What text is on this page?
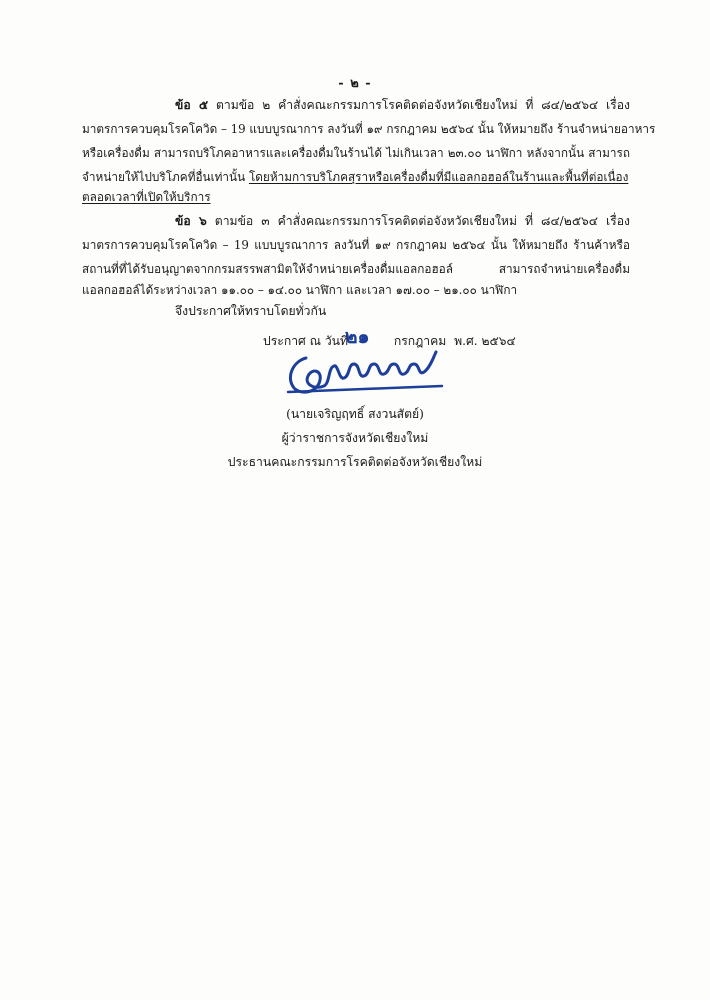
- ๒ -
ข้อ ๕ ตามข้อ ๒ คำสั่งคณะกรรมการโรคติดต่อจังหวัดเชียงใหม่ ที่ ๘๔/๒๕๖๔ เรื่อง
มาตรการควบคุมโรคโควิด – 19 แบบบูรณาการ ลงวันที่ ๑๙ กรกฎาคม ๒๕๖๔ นั้น ให้หมายถึง ร้านจำหน่ายอาหาร
หรือเครื่องดื่ม สามารถบริโภคอาหารและเครื่องดื่มในร้านได้ ไม่เกินเวลา ๒๓.๐๐ นาฬิกา หลังจากนั้น สามารถ
จำหน่ายให้ไปบริโภคที่อื่นเท่านั้น โดยห้ามการบริโภคสุราหรือเครื่องดื่มที่มีแอลกอฮอล์ในร้านและพื้นที่ต่อเนื่อง
ตลอดเวลาที่เปิดให้บริการ
ข้อ ๖ ตามข้อ ๓ คำสั่งคณะกรรมการโรคติดต่อจังหวัดเชียงใหม่ ที่ ๘๔/๒๕๖๔ เรื่อง
มาตรการควบคุมโรคโควิด – 19 แบบบูรณาการ ลงวันที่ ๑๙ กรกฎาคม ๒๕๖๔ นั้น ให้หมายถึง ร้านค้าหรือ
สถานที่ที่ได้รับอนุญาตจากกรมสรรพสามิตให้จำหน่ายเครื่องดื่มแอลกอฮอล์ สามารถจำหน่ายเครื่องดื่ม
แอลกอฮอล์ได้ระหว่างเวลา ๑๑.๐๐ – ๑๔.๐๐ นาฬิกา และเวลา ๑๗.๐๐ – ๒๑.๐๐ นาฬิกา
จึงประกาศให้ทราบโดยทั่วกัน
ประกาศ ณ วันที่	กรกฎาคม พ.ศ. ๒๕๖๔
๒๑
(นายเจริญฤทธิ์ สงวนสัตย์)
ผู้ว่าราชการจังหวัดเชียงใหม่
ประธานคณะกรรมการโรคติดต่อจังหวัดเชียงใหม่
